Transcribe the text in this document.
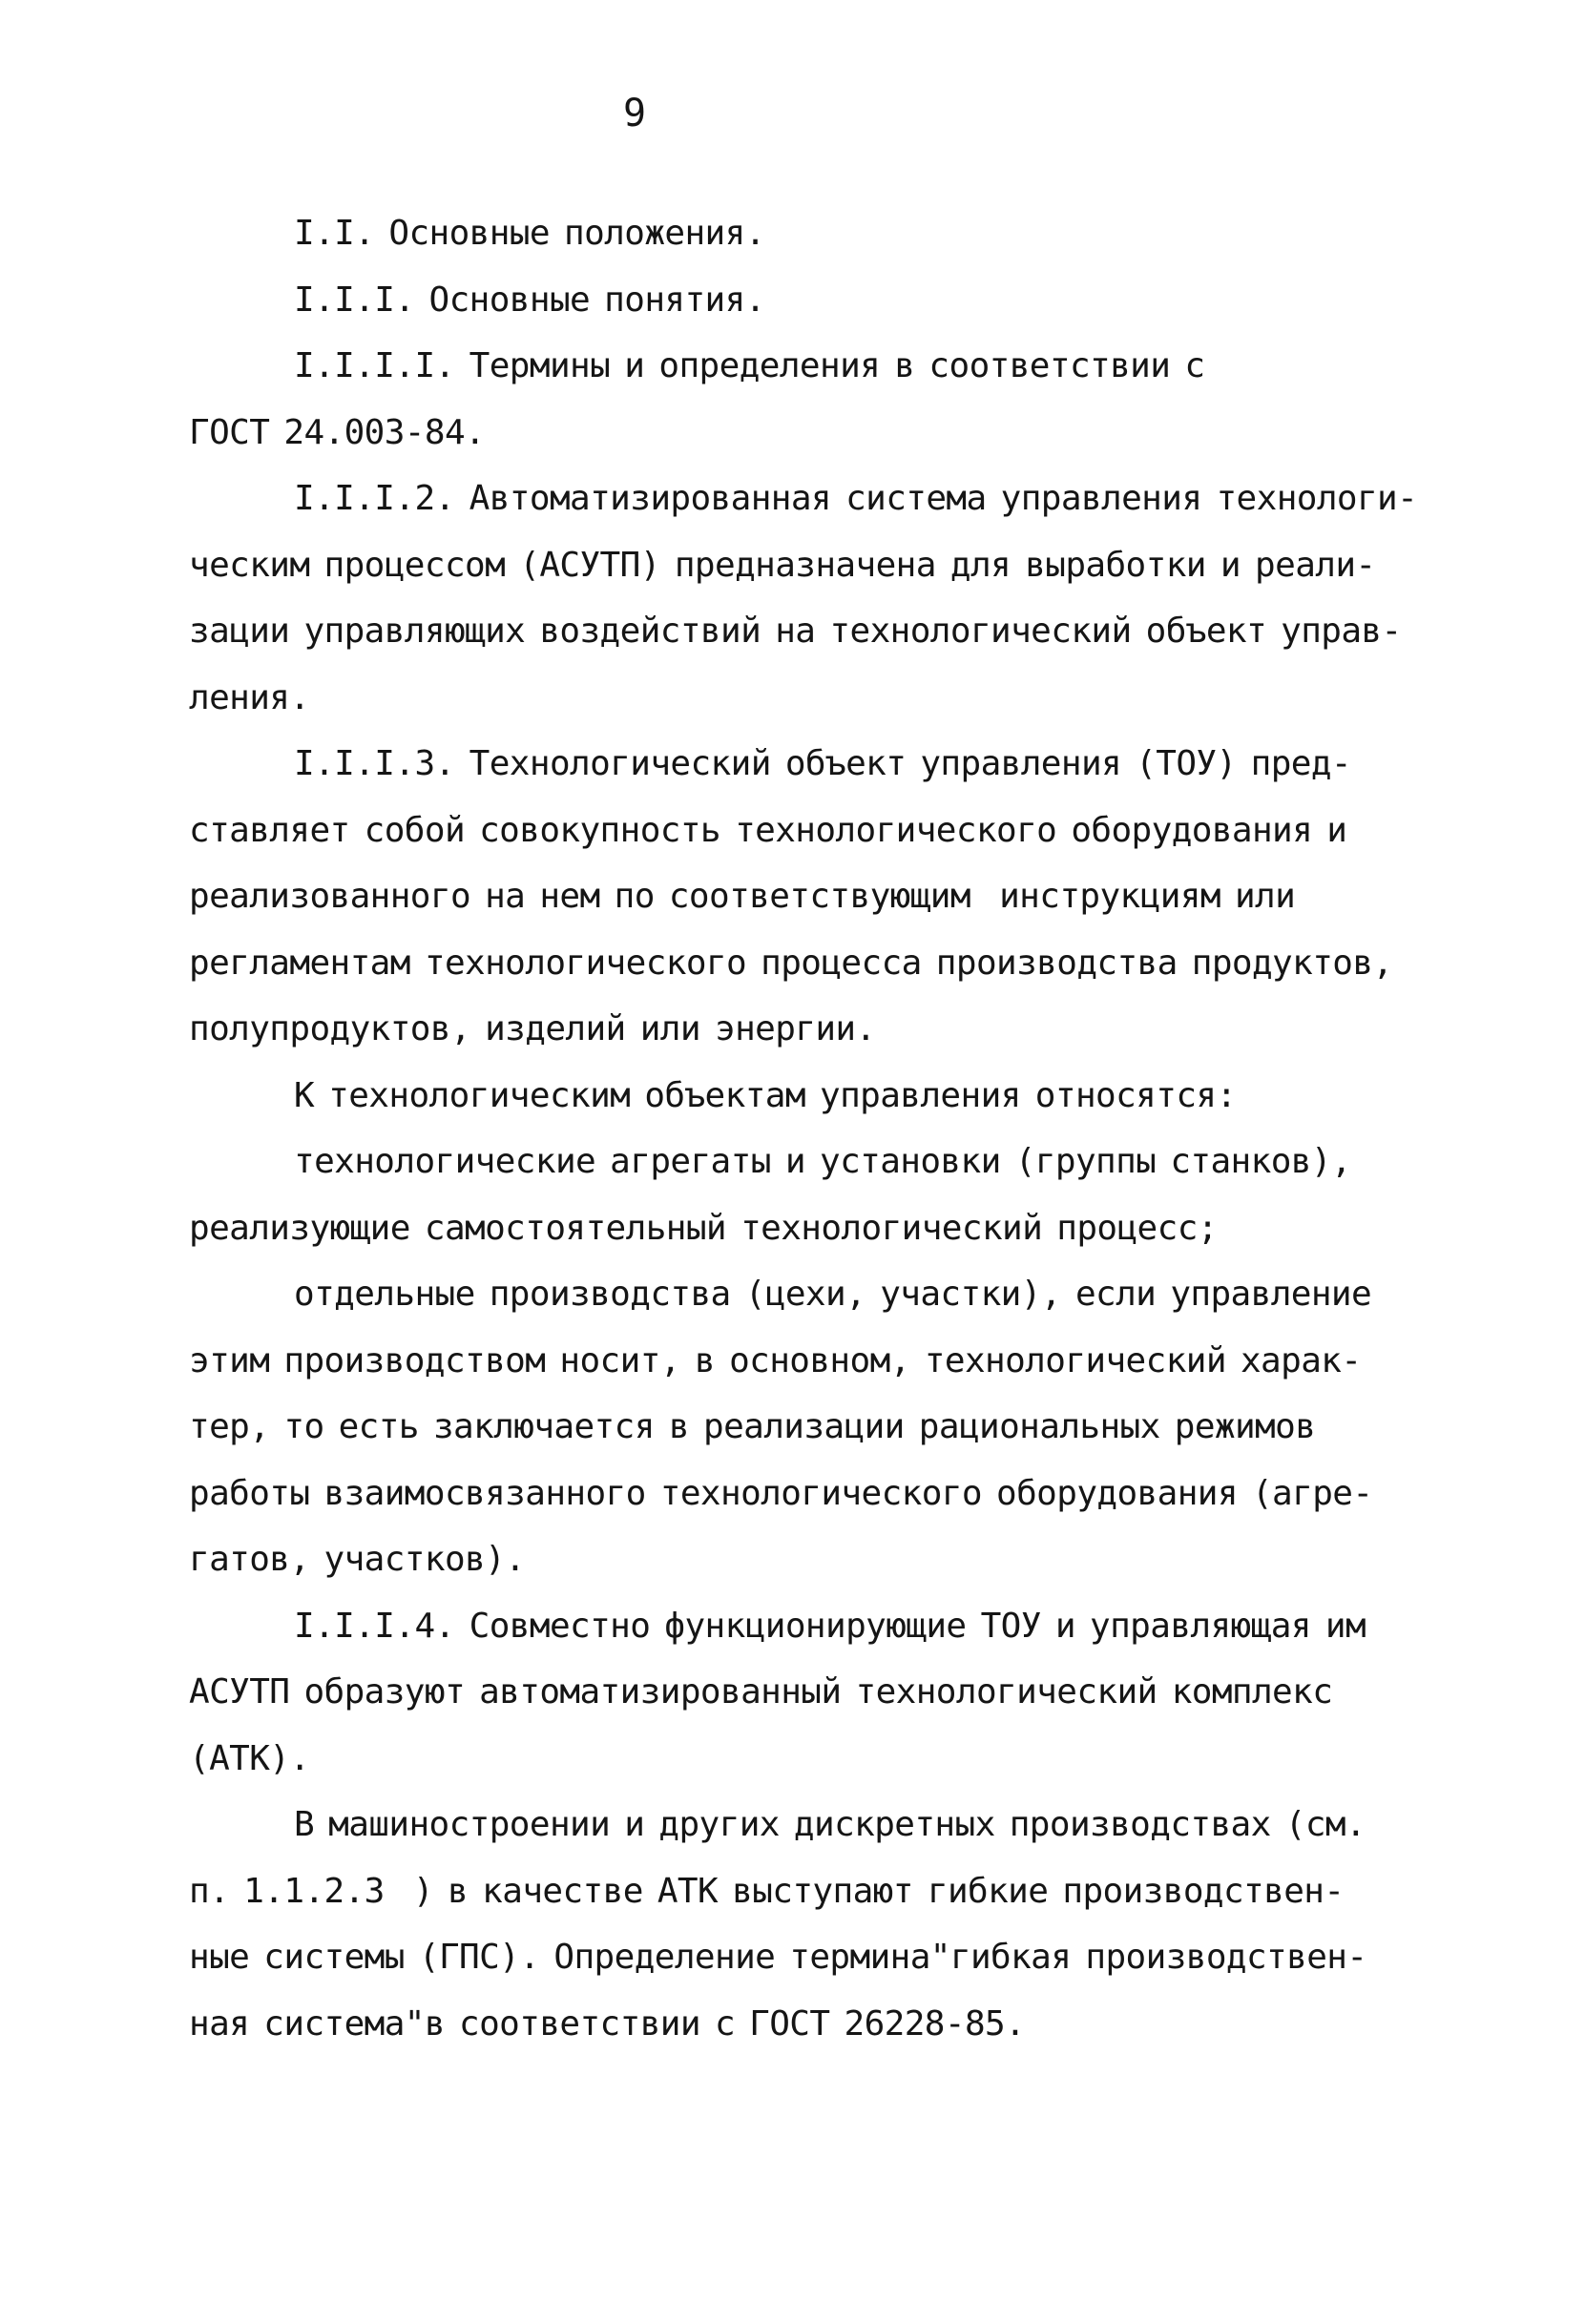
9
I.I. Основные положения.
I.I.I. Основные понятия.
I.I.I.I. Термины и определения в соответствии с
ГОСТ 24.003-84.
I.I.I.2. Автоматизированная система управления технологи-
ческим процессом (АСУТП) предназначена для выработки и реали-
зации управляющих воздействий на технологический объект управ-
ления.
I.I.I.3. Технологический объект управления (ТОУ) пред-
ставляет собой совокупность технологического оборудования и
реализованного на нем по соответствующим  инструкциям или
регламентам технологического процесса производства продуктов,
полупродуктов, изделий или энергии.
К технологическим объектам управления относятся:
технологические агрегаты и установки (группы станков),
реализующие самостоятельный технологический процесс;
отдельные производства (цехи, участки), если управление
этим производством носит, в основном, технологический харак-
тер, то есть заключается в реализации рациональных режимов
работы взаимосвязанного технологического оборудования (агре-
гатов, участков).
I.I.I.4. Совместно функционирующие ТОУ и управляющая им
АСУТП образуют автоматизированный технологический комплекс
(АТК).
В машиностроении и других дискретных производствах (см.
п. 1.1.2.3  ) в качестве АТК выступают гибкие производствен-
ные системы (ГПС). Определение термина"гибкая производствен-
ная система"в соответствии с ГОСТ 26228-85.
